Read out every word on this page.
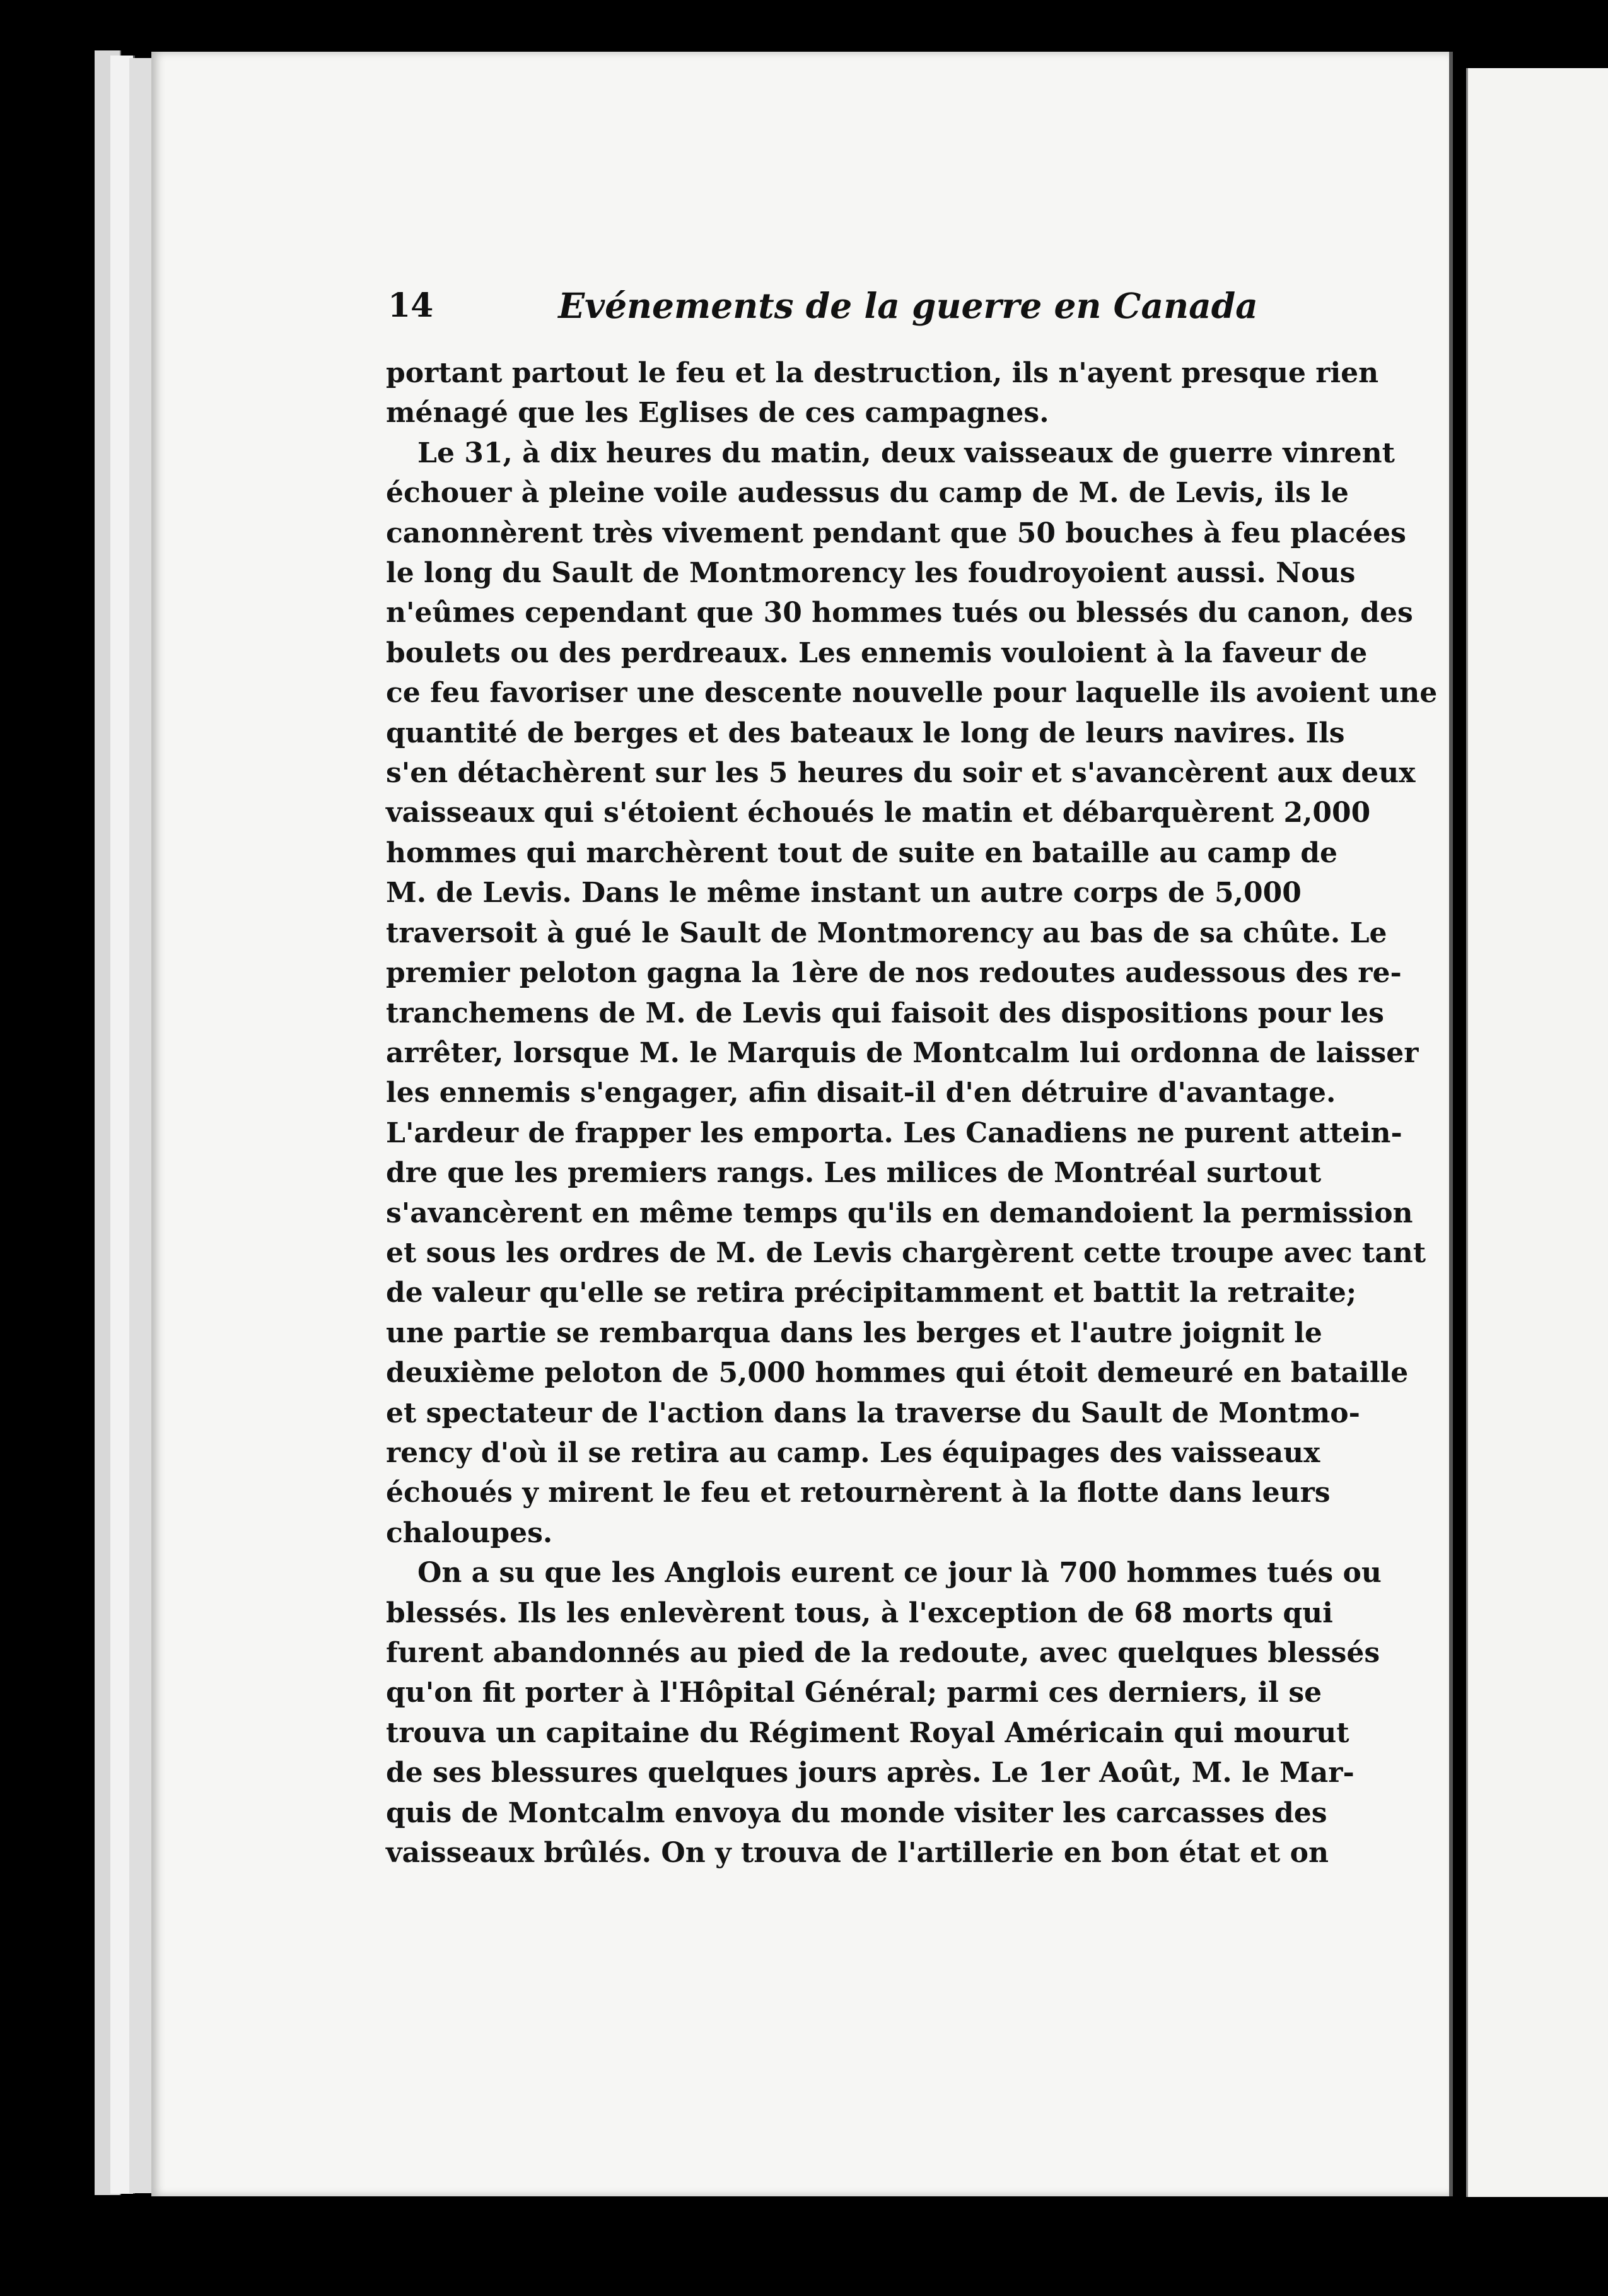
14	Evénements de la guerre en Canada

portant partout le feu et la destruction, ils n'ayent presque rien
ménagé que les Eglises de ces campagnes.

Le 31, à dix heures du matin, deux vaisseaux de guerre vinrent
échouer à pleine voile audessus du camp de M. de Levis, ils le
canonnèrent très vivement pendant que 50 bouches à feu placées
le long du Sault de Montmorency les foudroyoient aussi. Nous
n'eûmes cependant que 30 hommes tués ou blessés du canon, des
boulets ou des perdreaux. Les ennemis vouloient à la faveur de
ce feu favoriser une descente nouvelle pour laquelle ils avoient une
quantité de berges et des bateaux le long de leurs navires. Ils
s'en détachèrent sur les 5 heures du soir et s'avancèrent aux deux
vaisseaux qui s'étoient échoués le matin et débarquèrent 2,000
hommes qui marchèrent tout de suite en bataille au camp de
M. de Levis. Dans le même instant un autre corps de 5,000
traversoit à gué le Sault de Montmorency au bas de sa chûte. Le
premier peloton gagna la 1ère de nos redoutes audessous des re-
tranchemens de M. de Levis qui faisoit des dispositions pour les
arrêter, lorsque M. le Marquis de Montcalm lui ordonna de laisser
les ennemis s'engager, afin disait-il d'en détruire d'avantage.
L'ardeur de frapper les emporta. Les Canadiens ne purent attein-
dre que les premiers rangs. Les milices de Montréal surtout
s'avancèrent en même temps qu'ils en demandoient la permission
et sous les ordres de M. de Levis chargèrent cette troupe avec tant
de valeur qu'elle se retira précipitamment et battit la retraite;
une partie se rembarqua dans les berges et l'autre joignit le
deuxième peloton de 5,000 hommes qui étoit demeuré en bataille
et spectateur de l'action dans la traverse du Sault de Montmo-
rency d'où il se retira au camp. Les équipages des vaisseaux
échoués y mirent le feu et retournèrent à la flotte dans leurs
chaloupes.

On a su que les Anglois eurent ce jour là 700 hommes tués ou
blessés. Ils les enlevèrent tous, à l'exception de 68 morts qui
furent abandonnés au pied de la redoute, avec quelques blessés
qu'on fit porter à l'Hôpital Général; parmi ces derniers, il se
trouva un capitaine du Régiment Royal Américain qui mourut
de ses blessures quelques jours après. Le 1er Août, M. le Mar-
quis de Montcalm envoya du monde visiter les carcasses des
vaisseaux brûlés. On y trouva de l'artillerie en bon état et on
